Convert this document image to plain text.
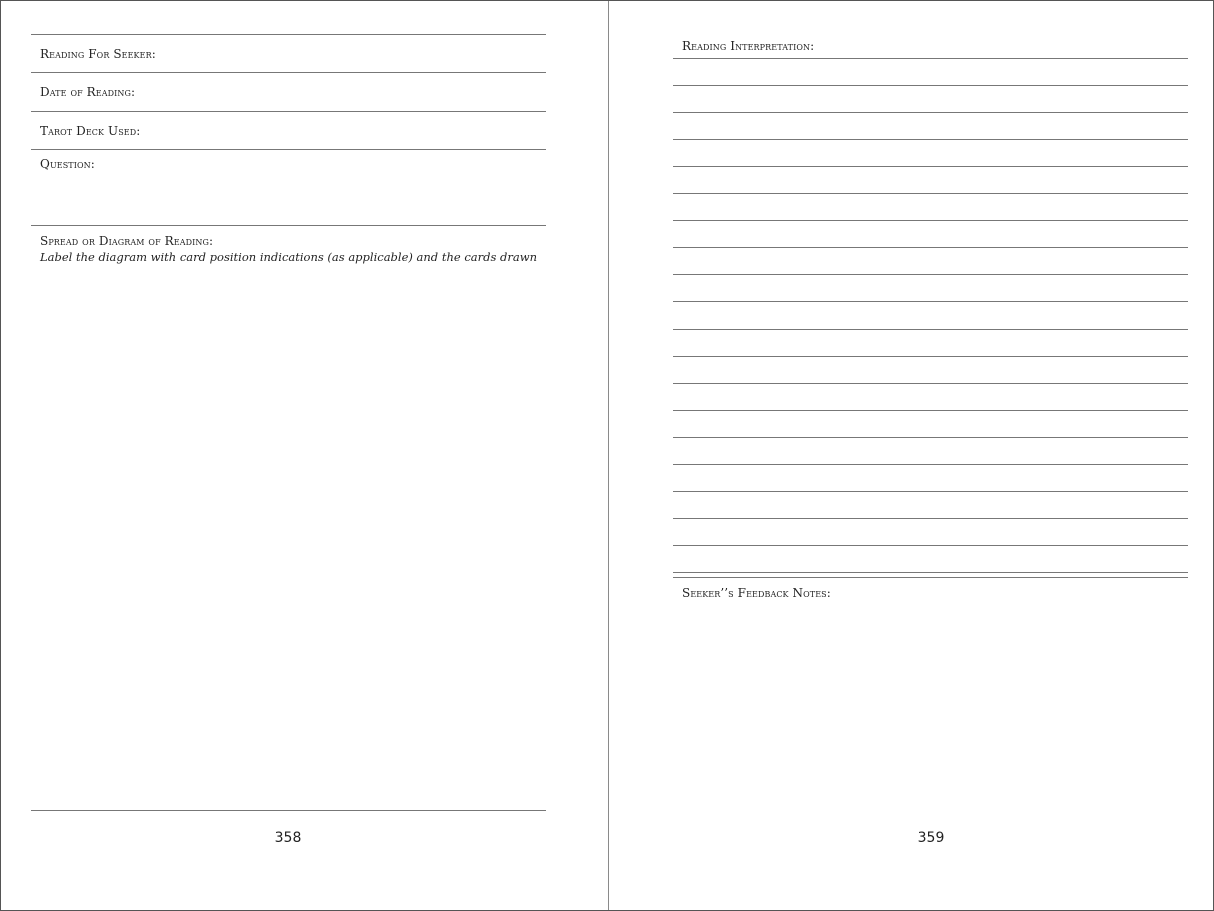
Reading For Seeker:
Date of Reading:
Tarot Deck Used:
Question:
Spread or Diagram of Reading:
Label the diagram with card position indications (as applicable) and the cards drawn
358
Reading Interpretation:
Seeker’’s Feedback Notes:
359
